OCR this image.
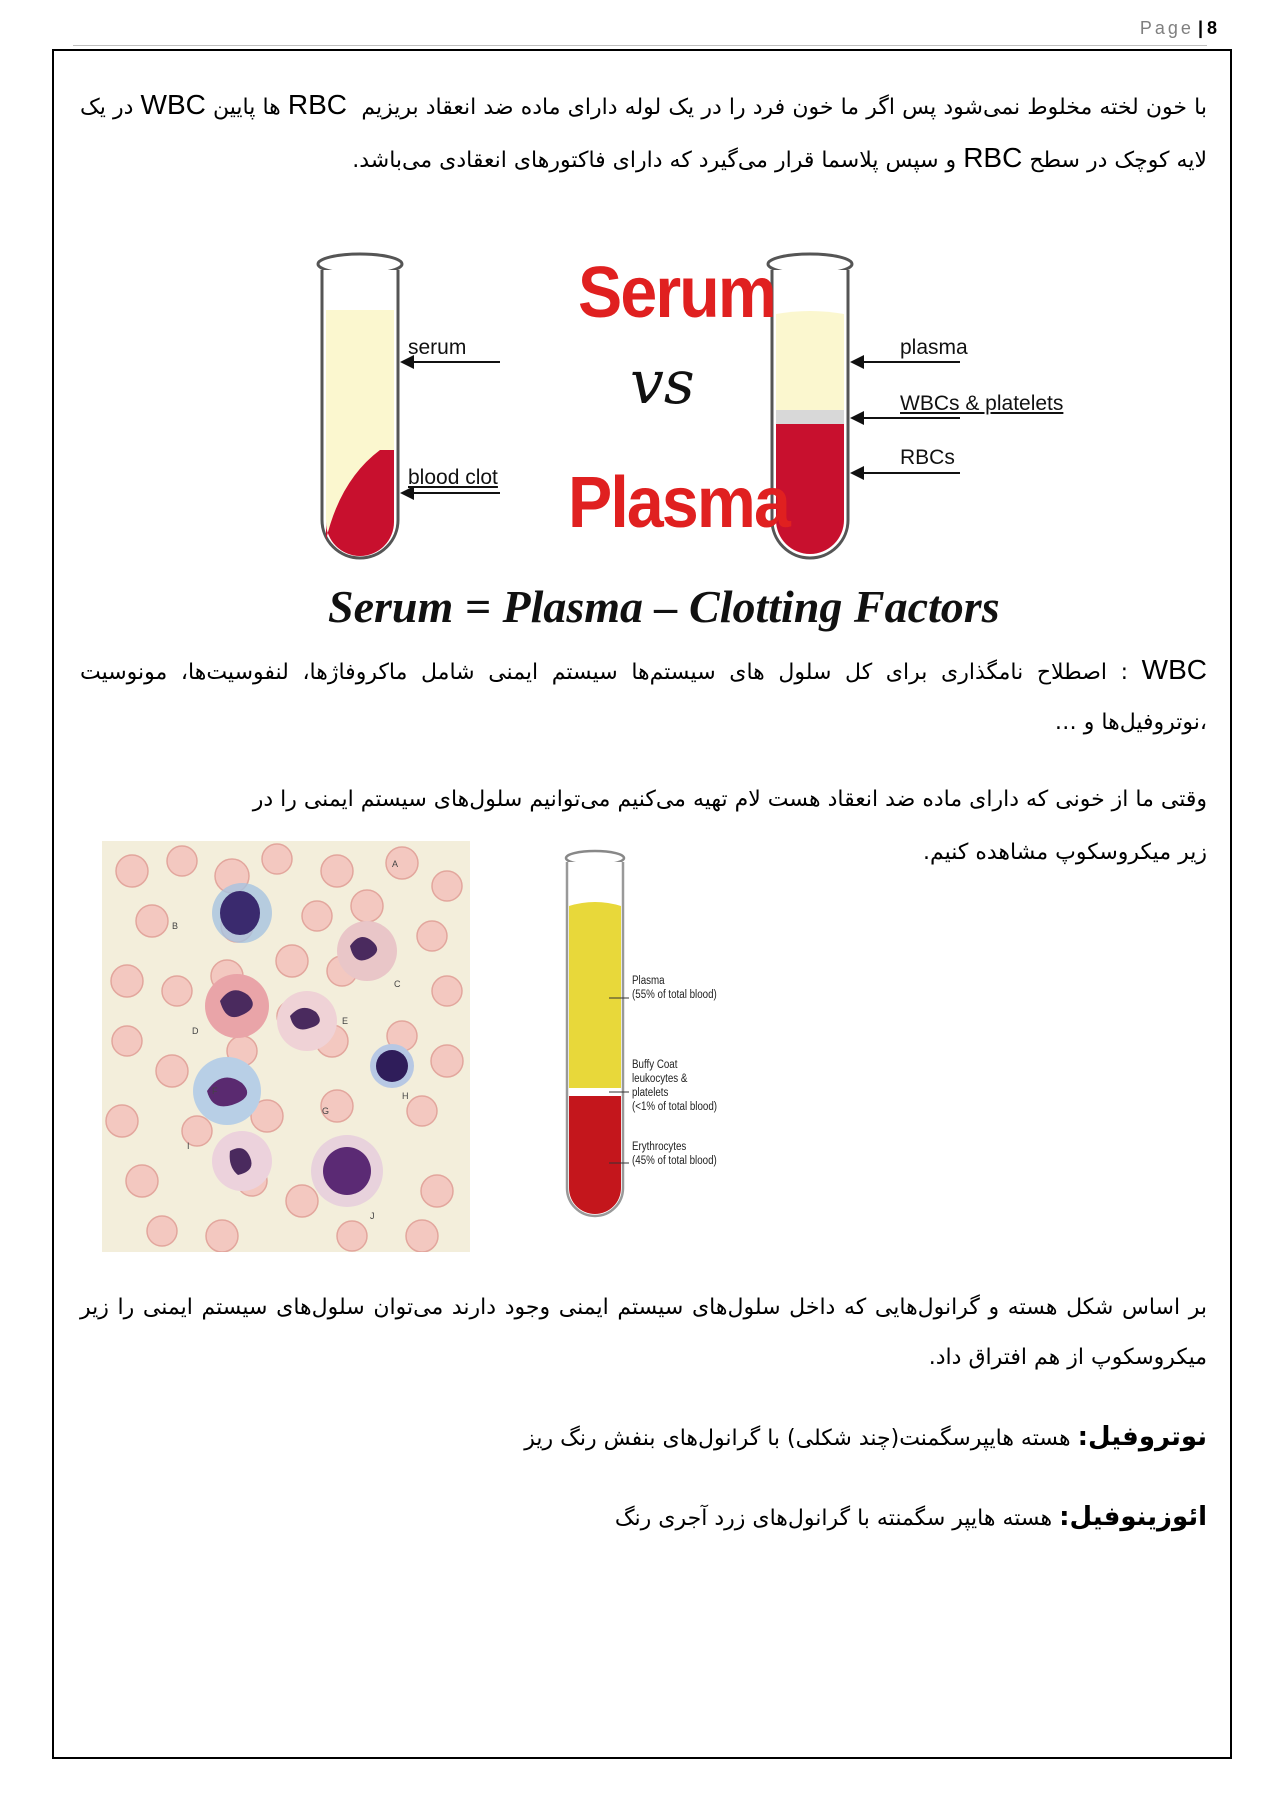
Page | 8
با خون لخته مخلوط نمی‌شود پس اگر ما خون فرد را در یک لوله دارای ماده ضد انعقاد بریزیم  RBC ها پایین WBC در یک لایه کوچک در سطح RBC و سپس پلاسما قرار می‌گیرد که دارای فاکتورهای انعقادی می‌باشد.
serum
blood clot
plasma
WBCs & platelets
RBCs
Serum
vs
Plasma
Serum = Plasma – Clotting Factors
WBC : اصطلاح نامگذاری برای کل سلول های سیستم‌ها سیستم ایمنی شامل ماکروفاژها، لنفوسیت‌ها، مونوسیت ،نوتروفیل‌ها و …
وقتی ما از خونی که دارای ماده ضد انعقاد هست لام تهیه می‌کنیم می‌توانیم سلول‌های سیستم ایمنی را در
زیر میکروسکوپ مشاهده کنیم.
A
B
C
D
E
F
G
H
I
J
Plasma
(55% of total blood)
Buffy Coat
leukocytes & platelets
(<1% of total blood)
Erythrocytes
(45% of total blood)
بر اساس شکل هسته و گرانول‌هایی که داخل سلول‌های سیستم ایمنی وجود دارند می‌توان سلول‌های سیستم ایمنی را زیر میکروسکوپ از هم افتراق داد.
نوتروفیل: هسته هایپرسگمنت(چند شکلی) با گرانول‌های بنفش رنگ ریز
ائوزینوفیل: هسته هایپر سگمنته با گرانول‌های زرد آجری رنگ
